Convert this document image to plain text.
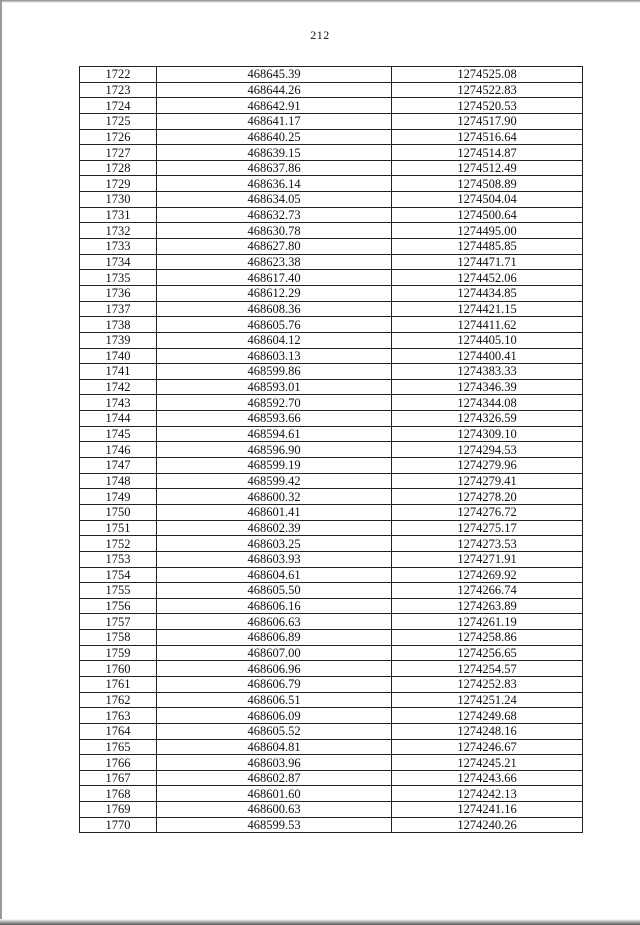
212
1722	468645.39	1274525.08
1723	468644.26	1274522.83
1724	468642.91	1274520.53
1725	468641.17	1274517.90
1726	468640.25	1274516.64
1727	468639.15	1274514.87
1728	468637.86	1274512.49
1729	468636.14	1274508.89
1730	468634.05	1274504.04
1731	468632.73	1274500.64
1732	468630.78	1274495.00
1733	468627.80	1274485.85
1734	468623.38	1274471.71
1735	468617.40	1274452.06
1736	468612.29	1274434.85
1737	468608.36	1274421.15
1738	468605.76	1274411.62
1739	468604.12	1274405.10
1740	468603.13	1274400.41
1741	468599.86	1274383.33
1742	468593.01	1274346.39
1743	468592.70	1274344.08
1744	468593.66	1274326.59
1745	468594.61	1274309.10
1746	468596.90	1274294.53
1747	468599.19	1274279.96
1748	468599.42	1274279.41
1749	468600.32	1274278.20
1750	468601.41	1274276.72
1751	468602.39	1274275.17
1752	468603.25	1274273.53
1753	468603.93	1274271.91
1754	468604.61	1274269.92
1755	468605.50	1274266.74
1756	468606.16	1274263.89
1757	468606.63	1274261.19
1758	468606.89	1274258.86
1759	468607.00	1274256.65
1760	468606.96	1274254.57
1761	468606.79	1274252.83
1762	468606.51	1274251.24
1763	468606.09	1274249.68
1764	468605.52	1274248.16
1765	468604.81	1274246.67
1766	468603.96	1274245.21
1767	468602.87	1274243.66
1768	468601.60	1274242.13
1769	468600.63	1274241.16
1770	468599.53	1274240.26
